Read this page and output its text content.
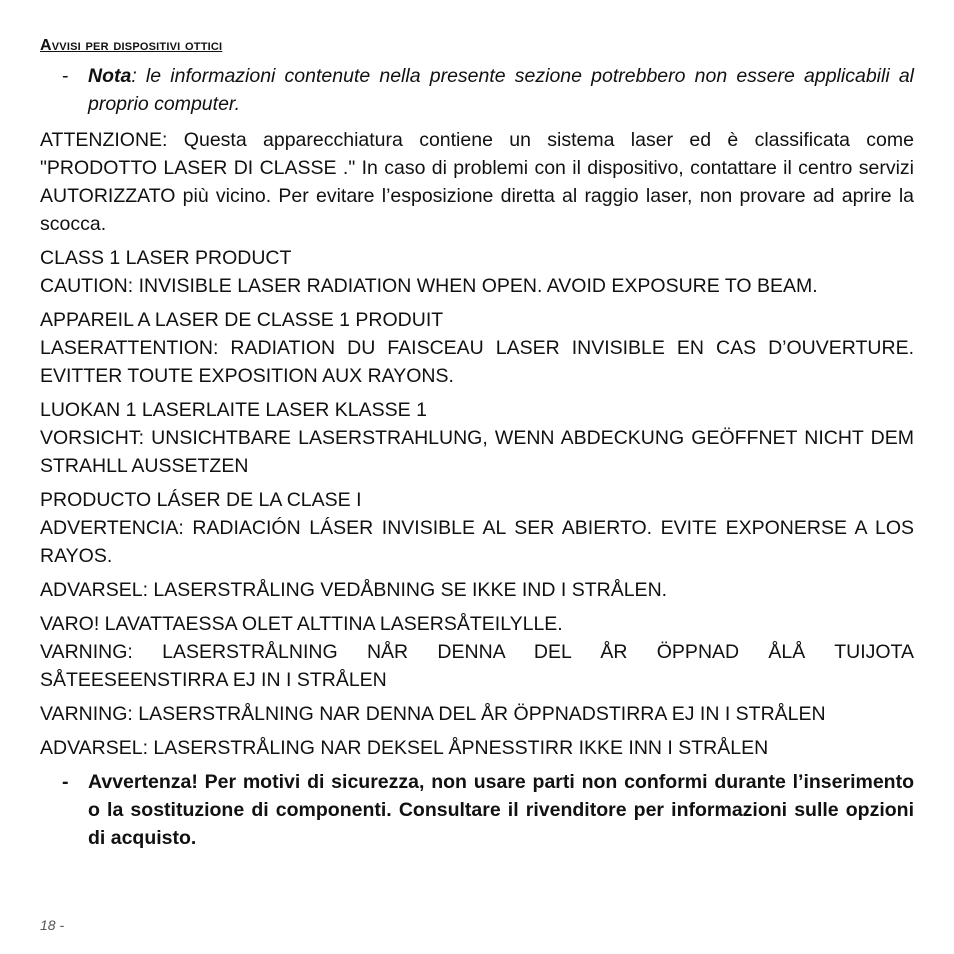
Avvisi per dispositivi ottici
-	Nota: le informazioni contenute nella presente sezione potrebbero non essere applicabili al proprio computer.

ATTENZIONE: Questa apparecchiatura contiene un sistema laser ed è classificata come "PRODOTTO LASER DI CLASSE ." In caso di problemi con il dispositivo, contattare il centro servizi AUTORIZZATO più vicino. Per evitare l’esposizione diretta al raggio laser, non provare ad aprire la scocca.

CLASS 1 LASER PRODUCT
CAUTION: INVISIBLE LASER RADIATION WHEN OPEN. AVOID EXPOSURE TO BEAM.
APPAREIL A LASER DE CLASSE 1 PRODUIT
LASERATTENTION: RADIATION DU FAISCEAU LASER INVISIBLE EN CAS D’OUVERTURE. EVITTER TOUTE EXPOSITION AUX RAYONS.
LUOKAN 1 LASERLAITE LASER KLASSE 1
VORSICHT: UNSICHTBARE LASERSTRAHLUNG, WENN ABDECKUNG GEÖFFNET NICHT DEM STRAHLL AUSSETZEN
PRODUCTO LÁSER DE LA CLASE I
ADVERTENCIA: RADIACIÓN LÁSER INVISIBLE AL SER ABIERTO. EVITE EXPONERSE A LOS RAYOS.
ADVARSEL: LASERSTRÅLING VEDÅBNING SE IKKE IND I STRÅLEN.
VARO! LAVATTAESSA OLET ALTTINA LASERSÅTEILYLLE.
VARNING: LASERSTRÅLNING NÅR DENNA DEL ÅR ÖPPNAD ÅLÅ TUIJOTA SÅTEESEENSTIRRA EJ IN I STRÅLEN
VARNING: LASERSTRÅLNING NAR DENNA DEL ÅR ÖPPNADSTIRRA EJ IN I STRÅLEN
ADVARSEL: LASERSTRÅLING NAR DEKSEL ÅPNESSTIRR IKKE INN I STRÅLEN
-	Avvertenza! Per motivi di sicurezza, non usare parti non conformi durante l’inserimento o la sostituzione di componenti. Consultare il rivenditore per informazioni sulle opzioni di acquisto.
18 -
